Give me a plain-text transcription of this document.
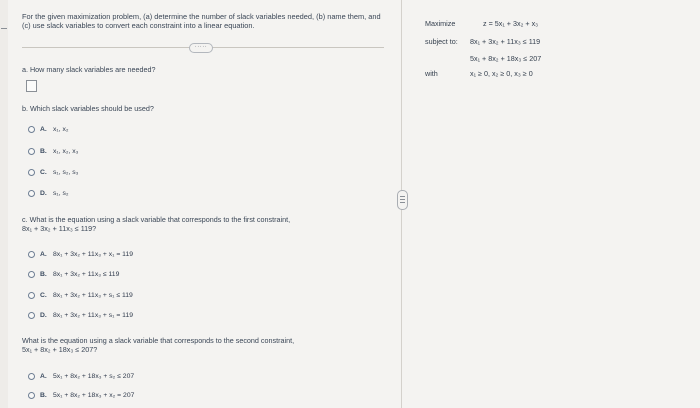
For the given maximization problem, (a) determine the number of slack variables needed, (b) name them, and (c) use slack variables to convert each constraint into a linear equation.
·····
a. How many slack variables are needed?
b. Which slack variables should be used?
A. x₁, x₂
B. x₁, x₂, x₃
C. s₁, s₂, s₃
D. s₁, s₂
c. What is the equation using a slack variable that corresponds to the first constraint,
8x₁ + 3x₂ + 11x₃ ≤ 119?
A. 8x₁ + 3x₂ + 11x₃ + x₁ = 119
B. 8x₁ + 3x₂ + 11x₃ ≤ 119
C. 8x₁ + 3x₂ + 11x₃ + s₁ ≤ 119
D. 8x₁ + 3x₂ + 11x₃ + s₁ = 119
What is the equation using a slack variable that corresponds to the second constraint,
5x₁ + 8x₂ + 18x₃ ≤ 207?
A. 5x₁ + 8x₂ + 18x₃ + s₂ ≤ 207
B. 5x₁ + 8x₂ + 18x₃ + x₂ = 207
Maximize	z = 5x₁ + 3x₂ + x₃
subject to: 8x₁ + 3x₂ + 11x₃ ≤ 119
5x₁ + 8x₂ + 18x₃ ≤ 207
with	x₁ ≥ 0, x₂ ≥ 0, x₃ ≥ 0
